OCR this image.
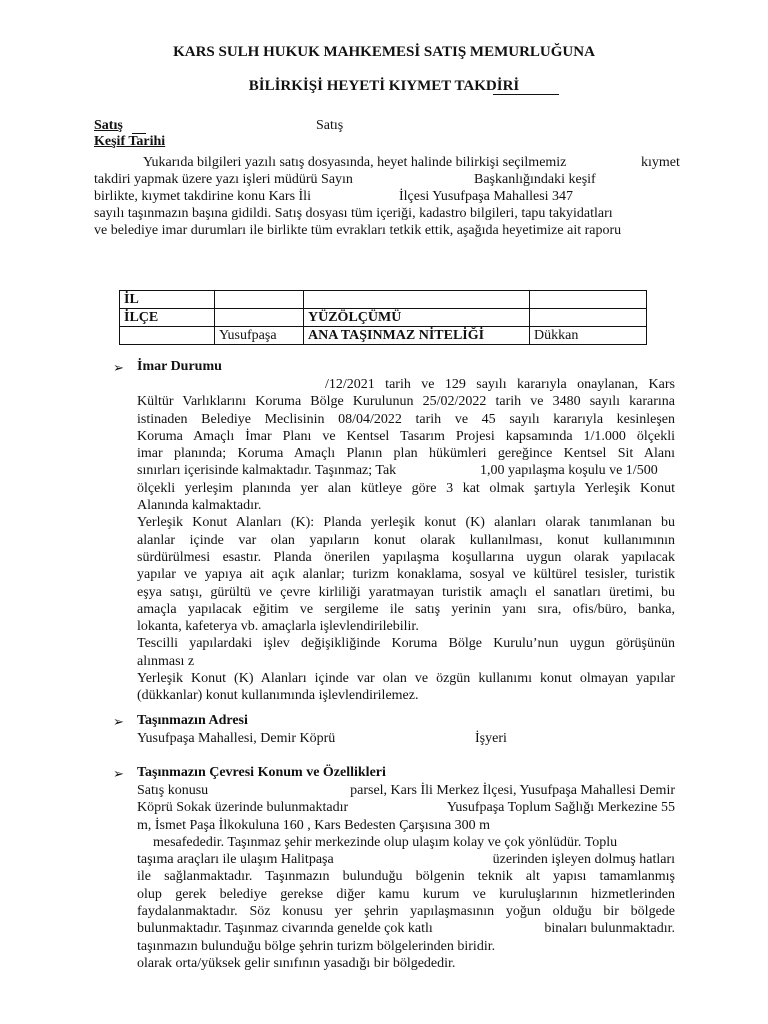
KARS SULH HUKUK MAHKEMESİ SATIŞ MEMURLUĞUNA
BİLİRKİŞİ HEYETİ KIYMET TAKDİRİ
Satış	Satış
Keşif Tarihi
Yukarıda bilgileri yazılı satış dosyasında, heyet halinde bilirkişi seçilmemiz	kıymet
takdiri yapmak üzere yazı işleri müdürü Sayın	Başkanlığındaki keşif
birlikte, kıymet takdirine konu Kars İli	İlçesi Yusufpaşa Mahallesi 347
sayılı taşınmazın başına gidildi. Satış dosyası tüm içeriği, kadastro bilgileri, tapu takyidatları
ve belediye imar durumları ile birlikte tüm evrakları tetkik ettik, aşağıda heyetimize ait raporu
İL			
İLÇE		YÜZÖLÇÜMÜ	
	Yusufpaşa	ANA TAŞINMAZ NİTELİĞİ	Dükkan
➢ İmar Durumu
/12/2021 tarih ve 129 sayılı kararıyla onaylanan, Kars
Kültür Varlıklarını Koruma Bölge Kurulunun 25/02/2022 tarih ve 3480 sayılı kararına
istinaden Belediye Meclisinin 08/04/2022 tarih ve 45 sayılı kararıyla kesinleşen
Koruma Amaçlı İmar Planı ve Kentsel Tasarım Projesi kapsamında 1/1.000 ölçekli
imar planında; Koruma Amaçlı Planın plan hükümleri gereğince Kentsel Sit Alanı
sınırları içerisinde kalmaktadır. Taşınmaz; Tak	1,00 yapılaşma koşulu ve 1/500
ölçekli yerleşim planında yer alan kütleye göre 3 kat olmak şartıyla Yerleşik Konut
Alanında kalmaktadır.
Yerleşik Konut Alanları (K): Planda yerleşik konut (K) alanları olarak tanımlanan bu
alanlar içinde var olan yapıların konut olarak kullanılması, konut kullanımının
sürdürülmesi esastır. Planda önerilen yapılaşma koşullarına uygun olarak yapılacak
yapılar ve yapıya ait açık alanlar; turizm konaklama, sosyal ve kültürel tesisler, turistik
eşya satışı, gürültü ve çevre kirliliği yaratmayan turistik amaçlı el sanatları üretimi, bu
amaçla yapılacak eğitim ve sergileme ile satış yerinin yanı sıra, ofis/büro, banka,
lokanta, kafeterya vb. amaçlarla işlevlendirilebilir.
Tescilli yapılardaki işlev değişikliğinde Koruma Bölge Kurulu’nun uygun görüşünün
alınması z
Yerleşik Konut (K) Alanları içinde var olan ve özgün kullanımı konut olmayan yapılar
(dükkanlar) konut kullanımında işlevlendirilemez.
➢ Taşınmazın Adresi
Yusufpaşa Mahallesi, Demir Köprü	İşyeri
➢ Taşınmazın Çevresi Konum ve Özellikleri
Satış konusu	parsel, Kars İli Merkez İlçesi, Yusufpaşa Mahallesi Demir
Köprü Sokak üzerinde bulunmaktadır	Yusufpaşa Toplum Sağlığı Merkezine 55
m, İsmet Paşa İlkokuluna 160 , Kars Bedesten Çarşısına 300 m
mesafededir. Taşınmaz şehir merkezinde olup ulaşım kolay ve çok yönlüdür. Toplu
taşıma araçları ile ulaşım Halitpaşa	üzerinden işleyen dolmuş hatları
ile sağlanmaktadır. Taşınmazın bulunduğu bölgenin teknik alt yapısı tamamlanmış
olup gerek belediye gerekse diğer kamu kurum ve kuruluşlarının hizmetlerinden
faydalanmaktadır. Söz konusu yer şehrin yapılaşmasının yoğun olduğu bir bölgede
bulunmaktadır. Taşınmaz civarında genelde çok katlı	binaları bulunmaktadır.
taşınmazın bulunduğu bölge şehrin turizm bölgelerinden biridir.
olarak orta/yüksek gelir sınıfının yasadığı bir bölgededir.
